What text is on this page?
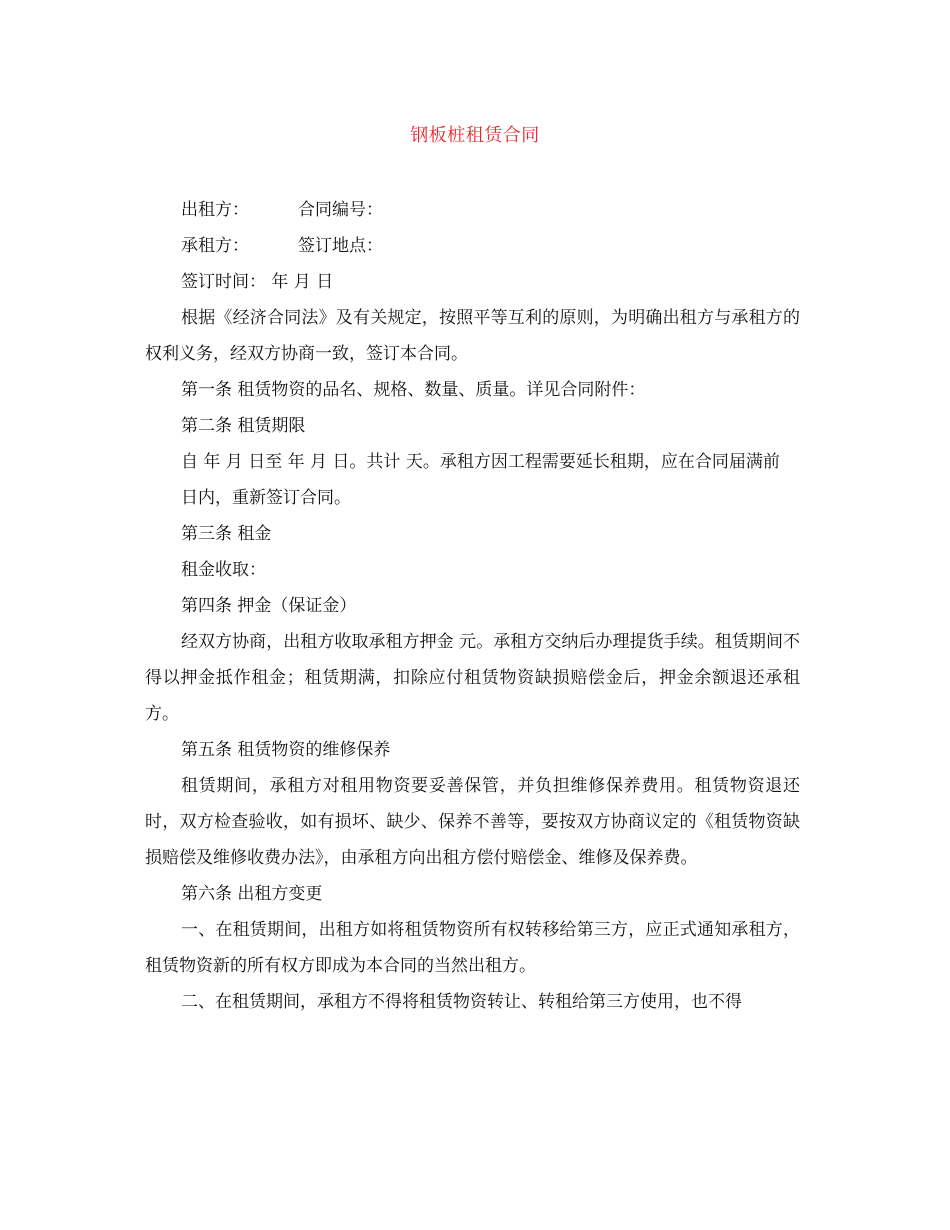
钢板桩租赁合同
出租方：	合同编号：
承租方：	签订地点：

签订时间： 年 月 日

根据《经济合同法》及有关规定，按照平等互利的原则，为明确出租方与承租方的权利义务，经双方协商一致，签订本合同。

第一条 租赁物资的品名、规格、数量、质量。详见合同附件：

第二条 租赁期限

自 年 月 日至 年 月 日。共计 天。承租方因工程需要延长租期，应在合同届满前

日内，重新签订合同。

第三条 租金

租金收取：

第四条 押金（保证金）

经双方协商，出租方收取承租方押金 元。承租方交纳后办理提货手续。租赁期间不得以押金抵作租金；租赁期满，扣除应付租赁物资缺损赔偿金后，押金余额退还承租方。

第五条 租赁物资的维修保养

租赁期间，承租方对租用物资要妥善保管，并负担维修保养费用。租赁物资退还时，双方检查验收，如有损坏、缺少、保养不善等，要按双方协商议定的《租赁物资缺损赔偿及维修收费办法》，由承租方向出租方偿付赔偿金、维修及保养费。

第六条 出租方变更

一、在租赁期间，出租方如将租赁物资所有权转移给第三方，应正式通知承租方，租赁物资新的所有权方即成为本合同的当然出租方。

二、在租赁期间，承租方不得将租赁物资转让、转租给第三方使用，也不得
